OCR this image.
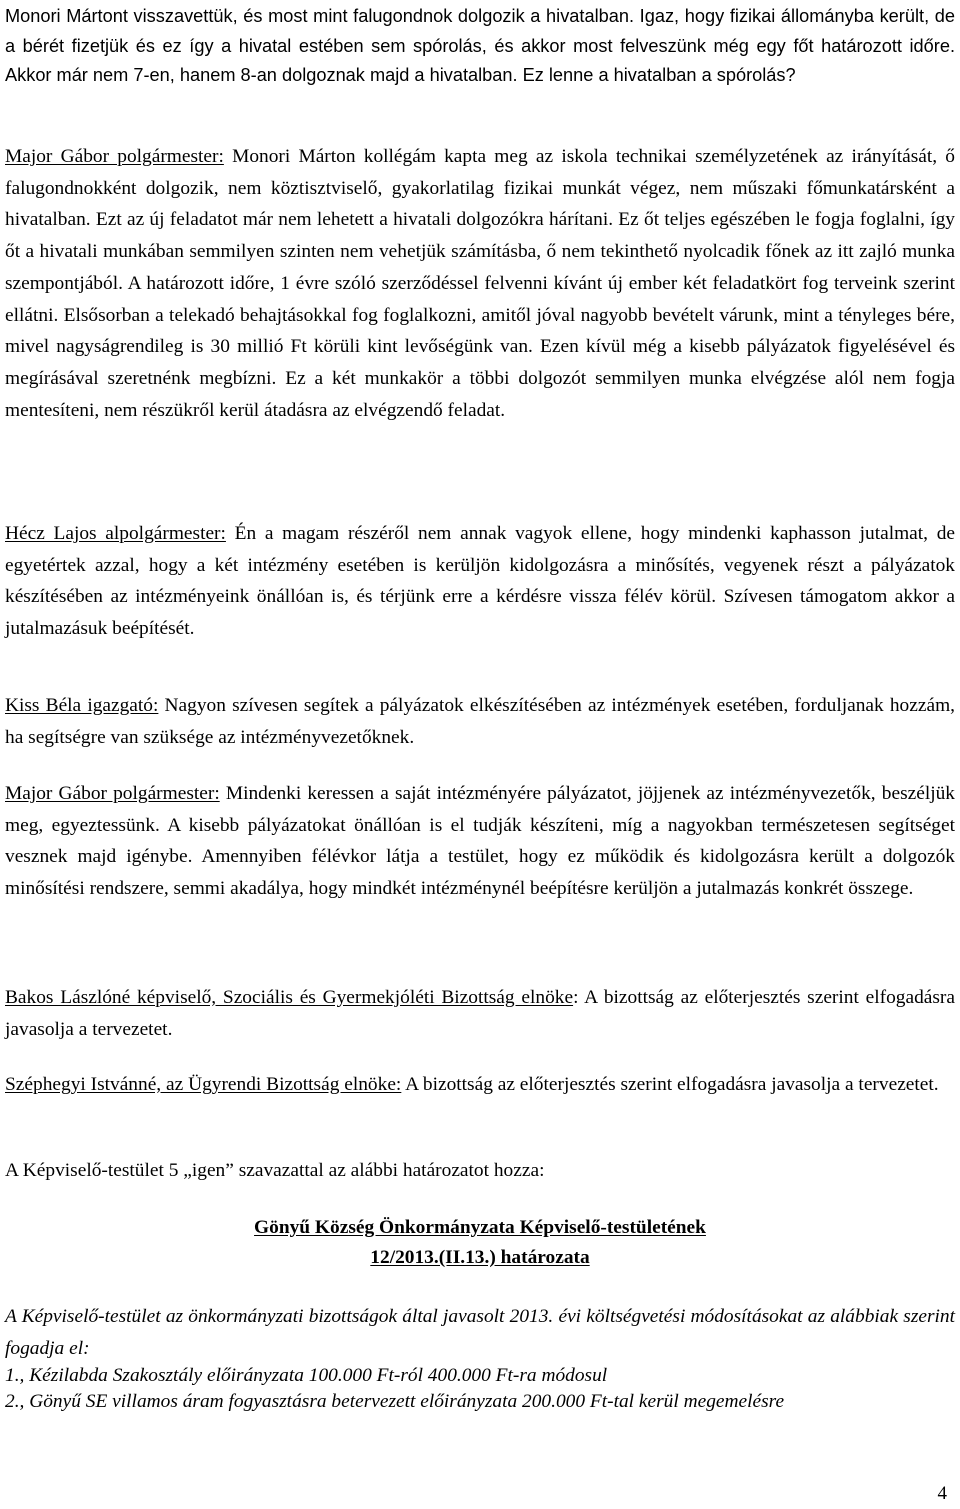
Monori Mártont visszavettük, és most mint falugondnok dolgozik a hivatalban. Igaz, hogy fizikai állományba került, de a bérét fizetjük és ez így a hivatal estében sem spórolás, és akkor most felveszünk még egy főt határozott időre. Akkor már nem 7-en, hanem 8-an dolgoznak majd a hivatalban. Ez lenne a hivatalban a spórolás?

Major Gábor polgármester: Monori Márton kollégám kapta meg az iskola technikai személyzetének az irányítását, ő falugondnokként dolgozik, nem köztisztviselő, gyakorlatilag fizikai munkát végez, nem műszaki főmunkatársként a hivatalban. Ezt az új feladatot már nem lehetett a hivatali dolgozókra hárítani. Ez őt teljes egészében le fogja foglalni, így őt a hivatali munkában semmilyen szinten nem vehetjük számításba, ő nem tekinthető nyolcadik főnek az itt zajló munka szempontjából. A határozott időre, 1 évre szóló szerződéssel felvenni kívánt új ember két feladatkört fog terveink szerint ellátni. Elsősorban a telekadó behajtásokkal fog foglalkozni, amitől jóval nagyobb bevételt várunk, mint a tényleges bére, mivel nagyságrendileg is 30 millió Ft körüli kint levőségünk van. Ezen kívül még a kisebb pályázatok figyelésével és megírásával szeretnénk megbízni. Ez a két munkakör a többi dolgozót semmilyen munka elvégzése alól nem fogja mentesíteni, nem részükről kerül átadásra az elvégzendő feladat.

Hécz Lajos alpolgármester: Én a magam részéről nem annak vagyok ellene, hogy mindenki kaphasson jutalmat, de egyetértek azzal, hogy a két intézmény esetében is kerüljön kidolgozásra a minősítés, vegyenek részt a pályázatok készítésében az intézményeink önállóan is, és térjünk erre a kérdésre vissza félév körül. Szívesen támogatom akkor a jutalmazásuk beépítését.

Kiss Béla igazgató: Nagyon szívesen segítek a pályázatok elkészítésében az intézmények esetében, forduljanak hozzám, ha segítségre van szüksége az intézményvezetőknek.

Major Gábor polgármester: Mindenki keressen a saját intézményére pályázatot, jöjjenek az intézményvezetők, beszéljük meg, egyeztessünk. A kisebb pályázatokat önállóan is el tudják készíteni, míg a nagyokban természetesen segítséget vesznek majd igénybe. Amennyiben félévkor látja a testület, hogy ez működik és kidolgozásra került a dolgozók minősítési rendszere, semmi akadálya, hogy mindkét intézménynél beépítésre kerüljön a jutalmazás konkrét összege.

Bakos Lászlóné képviselő, Szociális és Gyermekjóléti Bizottság elnöke: A bizottság az előterjesztés szerint elfogadásra javasolja a tervezetet.

Széphegyi Istvánné, az Ügyrendi Bizottság elnöke: A bizottság az előterjesztés szerint elfogadásra javasolja a tervezetet.

A Képviselő-testület 5 „igen” szavazattal az alábbi határozatot hozza:

Gönyű Község Önkormányzata Képviselő-testületének
12/2013.(II.13.) határozata

A Képviselő-testület az önkormányzati bizottságok által javasolt 2013. évi költségvetési módosításokat az alábbiak szerint fogadja el:

1., Kézilabda Szakosztály előirányzata 100.000 Ft-ról 400.000 Ft-ra módosul

2., Gönyű SE villamos áram fogyasztásra betervezett előirányzata 200.000 Ft-tal kerül megemelésre

4
